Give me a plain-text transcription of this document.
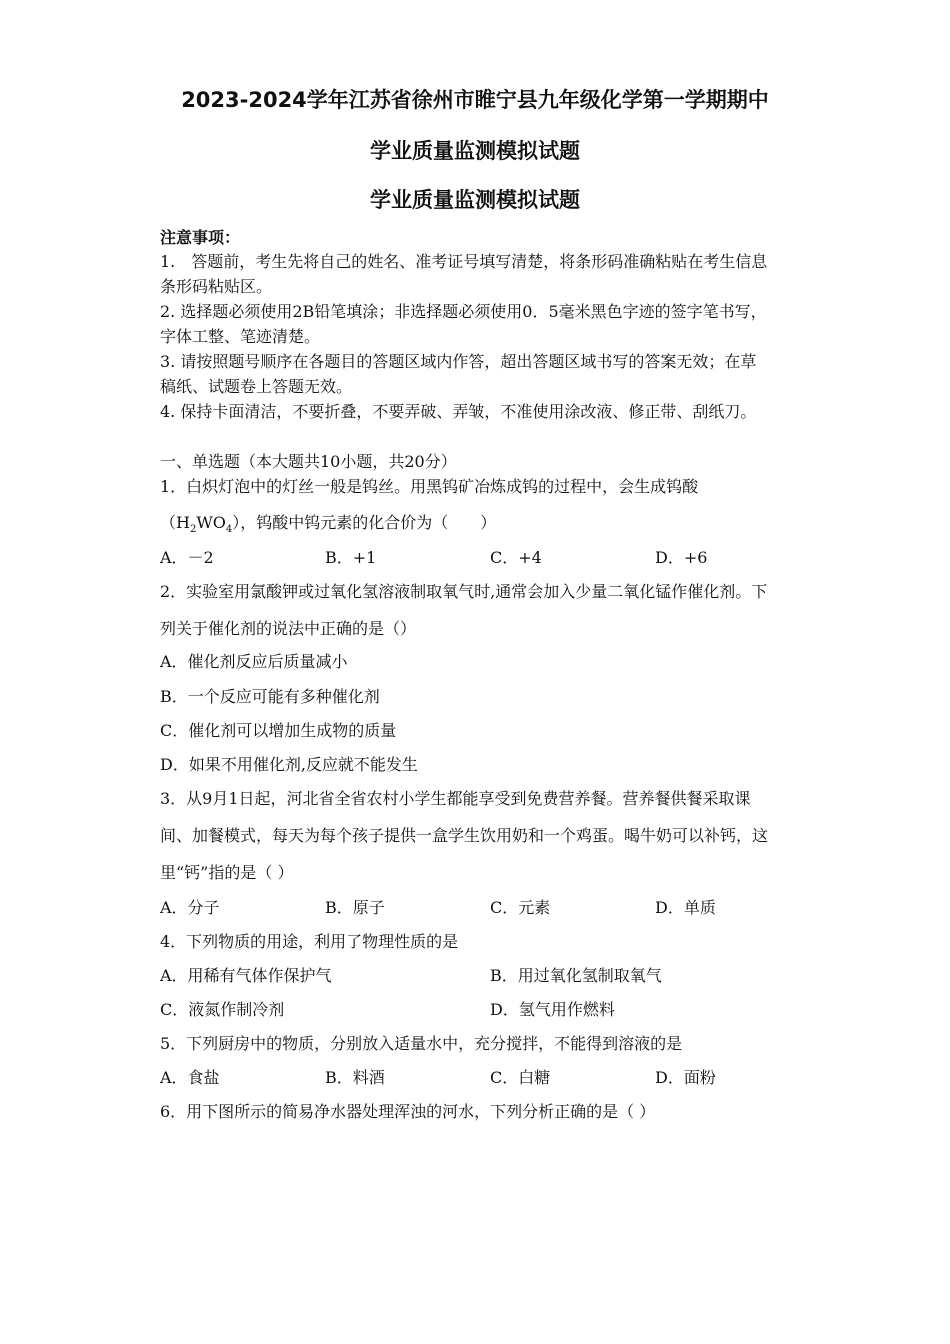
2023-2024学年江苏省徐州市睢宁县九年级化学第一学期期中
学业质量监测模拟试题
学业质量监测模拟试题
注意事项：
1.　答题前，考生先将自己的姓名、准考证号填写清楚，将条形码准确粘贴在考生信息
条形码粘贴区。
2. 选择题必须使用2B铅笔填涂；非选择题必须使用0．5毫米黑色字迹的签字笔书写，
字体工整、笔迹清楚。
3. 请按照题号顺序在各题目的答题区域内作答，超出答题区域书写的答案无效；在草
稿纸、试题卷上答题无效。
4. 保持卡面清洁，不要折叠，不要弄破、弄皱，不准使用涂改液、修正带、刮纸刀。
一、单选题（本大题共10小题，共20分）
1．白炽灯泡中的灯丝一般是钨丝。用黑钨矿冶炼成钨的过程中，会生成钨酸
$(H_2WO_4)$，钨酸中钨元素的化合价为（　　）
A．－2	B．+1	C．+4	D．+6
2．实验室用氯酸钾或过氧化氢溶液制取氧气时,通常会加入少量二氧化锰作催化剂。下
列关于催化剂的说法中正确的是（）
A．催化剂反应后质量减小
B．一个反应可能有多种催化剂
C．催化剂可以增加生成物的质量
D．如果不用催化剂,反应就不能发生
3．从9月1日起，河北省全省农村小学生都能享受到免费营养餐。营养餐供餐采取课
间、加餐模式，每天为每个孩子提供一盒学生饮用奶和一个鸡蛋。喝牛奶可以补钙，这
里“钙”指的是（ ）
A．分子	B．原子	C．元素	D．单质
4．下列物质的用途，利用了物理性质的是
A．用稀有气体作保护气	B．用过氧化氢制取氧气
C．液氮作制冷剂	D．氢气用作燃料
5．下列厨房中的物质，分别放入适量水中，充分搅拌，不能得到溶液的是
A．食盐	B．料酒	C．白糖	D．面粉
6．用下图所示的简易净水器处理浑浊的河水，下列分析正确的是（ ）
